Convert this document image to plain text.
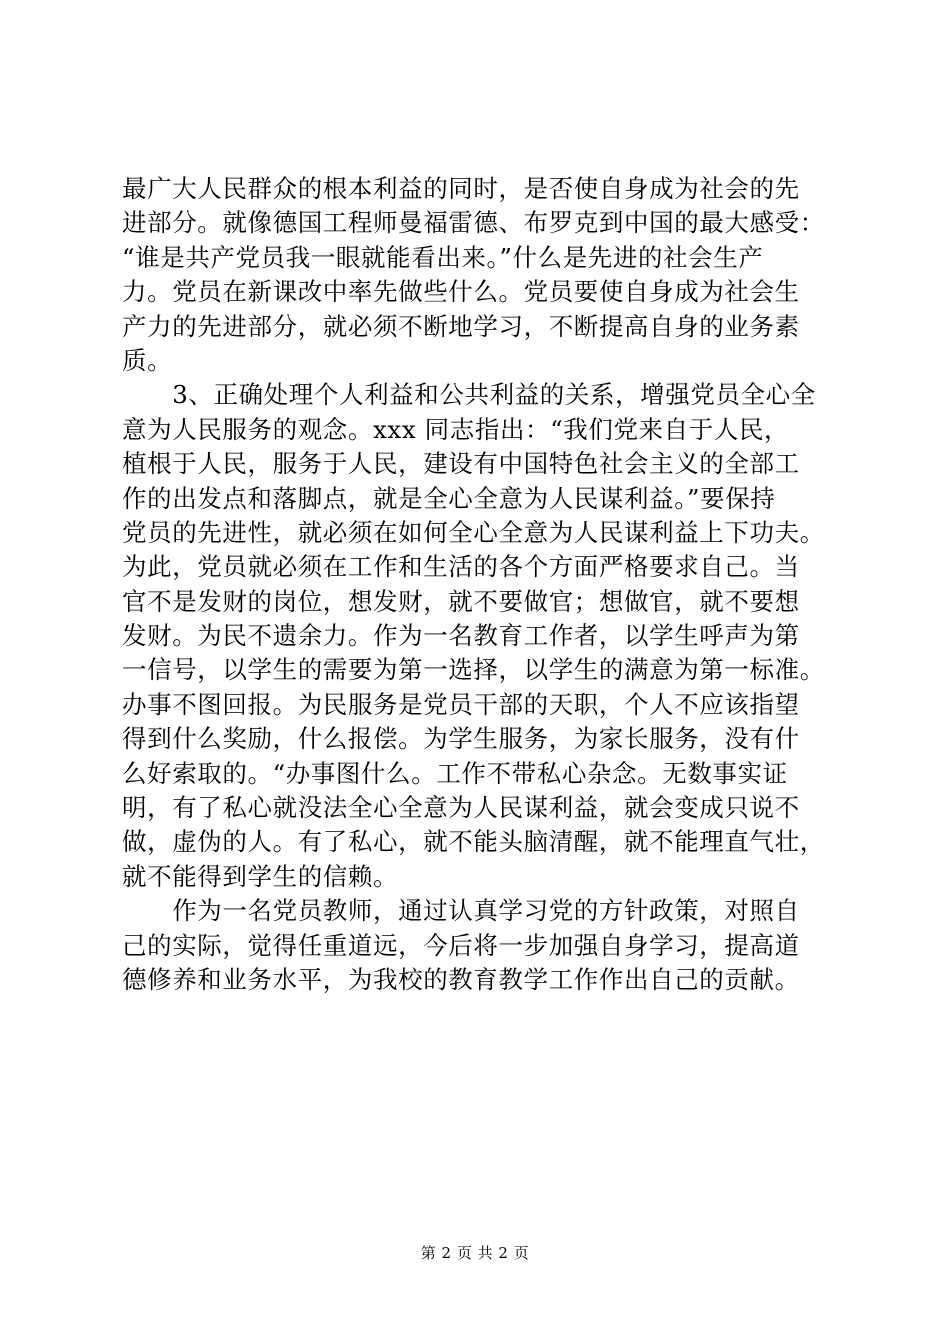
最广大人民群众的根本利益的同时，是否使自身成为社会的先
进部分。就像德国工程师曼福雷德、布罗克到中国的最大感受：
“谁是共产党员我一眼就能看出来。”什么是先进的社会生产
力。党员在新课改中率先做些什么。党员要使自身成为社会生
产力的先进部分，就必须不断地学习，不断提高自身的业务素
质。
　　3、正确处理个人利益和公共利益的关系，增强党员全心全
意为人民服务的观念。xxx 同志指出：“我们党来自于人民，
植根于人民，服务于人民，建设有中国特色社会主义的全部工
作的出发点和落脚点，就是全心全意为人民谋利益。”要保持
党员的先进性，就必须在如何全心全意为人民谋利益上下功夫。
为此，党员就必须在工作和生活的各个方面严格要求自己。当
官不是发财的岗位，想发财，就不要做官；想做官，就不要想
发财。为民不遗余力。作为一名教育工作者，以学生呼声为第
一信号，以学生的需要为第一选择，以学生的满意为第一标准。
办事不图回报。为民服务是党员干部的天职，个人不应该指望
得到什么奖励，什么报偿。为学生服务，为家长服务，没有什
么好索取的。“办事图什么。工作不带私心杂念。无数事实证
明，有了私心就没法全心全意为人民谋利益，就会变成只说不
做，虚伪的人。有了私心，就不能头脑清醒，就不能理直气壮，
就不能得到学生的信赖。
　　作为一名党员教师，通过认真学习党的方针政策，对照自
己的实际，觉得任重道远，今后将一步加强自身学习，提高道
德修养和业务水平，为我校的教育教学工作作出自己的贡献。
第 2 页 共 2 页
